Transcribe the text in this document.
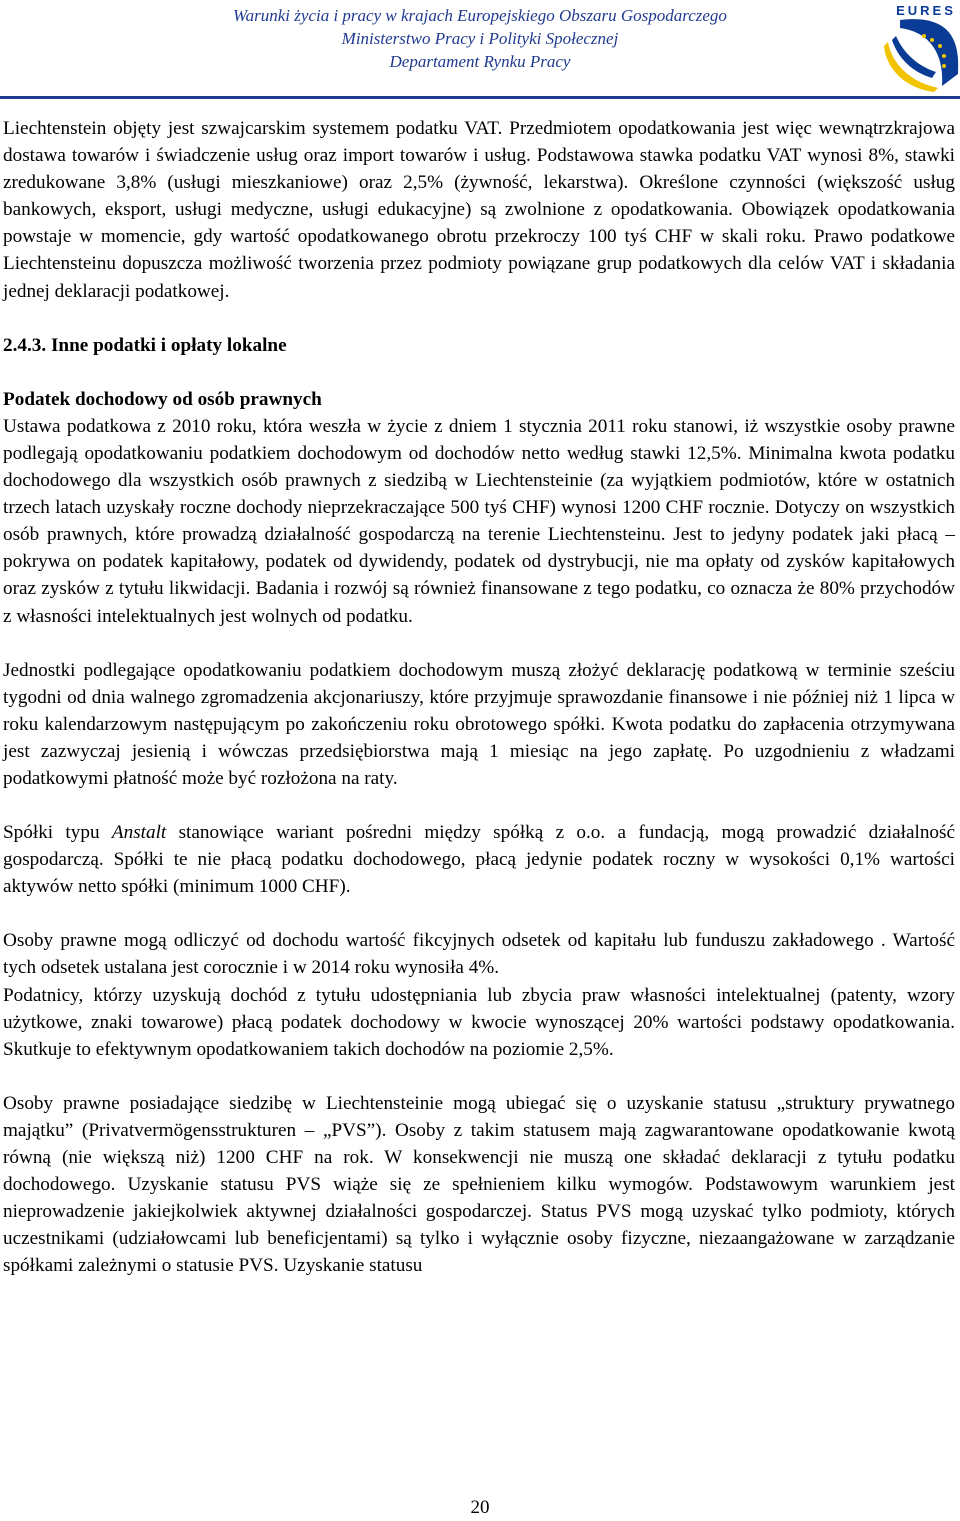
Warunki życia i pracy w krajach Europejskiego Obszaru Gospodarczego
Ministerstwo Pracy i Polityki Społecznej
Departament Rynku Pracy
EURES

Liechtenstein objęty jest szwajcarskim systemem podatku VAT. Przedmiotem opodatkowania jest więc wewnątrzkrajowa dostawa towarów i świadczenie usług oraz import towarów i usług. Podstawowa stawka podatku VAT wynosi 8%, stawki zredukowane 3,8% (usługi mieszkaniowe) oraz 2,5% (żywność, lekarstwa). Określone czynności (większość usług bankowych, eksport, usługi medyczne, usługi edukacyjne) są zwolnione z opodatkowania. Obowiązek opodatkowania powstaje w momencie, gdy wartość opodatkowanego obrotu przekroczy 100 tyś CHF w skali roku. Prawo podatkowe Liechtensteinu dopuszcza możliwość tworzenia przez podmioty powiązane grup podatkowych dla celów VAT i składania jednej deklaracji podatkowej.

2.4.3. Inne podatki i opłaty lokalne

Podatek dochodowy od osób prawnych

Ustawa podatkowa z 2010 roku, która weszła w życie z dniem 1 stycznia 2011 roku stanowi, iż wszystkie osoby prawne podlegają opodatkowaniu podatkiem dochodowym od dochodów netto według stawki 12,5%. Minimalna kwota podatku dochodowego dla wszystkich osób prawnych z siedzibą w Liechtensteinie (za wyjątkiem podmiotów, które w ostatnich trzech latach uzyskały roczne dochody nieprzekraczające 500 tyś CHF) wynosi 1200 CHF rocznie. Dotyczy on wszystkich osób prawnych, które prowadzą działalność gospodarczą na terenie Liechtensteinu. Jest to jedyny podatek jaki płacą – pokrywa on podatek kapitałowy, podatek od dywidendy, podatek od dystrybucji, nie ma opłaty od zysków kapitałowych oraz zysków z tytułu likwidacji. Badania i rozwój są również finansowane z tego podatku, co oznacza że 80% przychodów z własności intelektualnych jest wolnych od podatku.

Jednostki podlegające opodatkowaniu podatkiem dochodowym muszą złożyć deklarację podatkową w terminie sześciu tygodni od dnia walnego zgromadzenia akcjonariuszy, które przyjmuje sprawozdanie finansowe i nie później niż 1 lipca w roku kalendarzowym następującym po zakończeniu roku obrotowego spółki. Kwota podatku do zapłacenia otrzymywana jest zazwyczaj jesienią i wówczas przedsiębiorstwa mają 1 miesiąc na jego zapłatę. Po uzgodnieniu z władzami podatkowymi płatność może być rozłożona na raty.

Spółki typu Anstalt stanowiące wariant pośredni między spółką z o.o. a fundacją, mogą prowadzić działalność gospodarczą. Spółki te nie płacą podatku dochodowego, płacą jedynie podatek roczny w wysokości 0,1% wartości aktywów netto spółki (minimum 1000 CHF).

Osoby prawne mogą odliczyć od dochodu wartość fikcyjnych odsetek od kapitału lub funduszu zakładowego . Wartość tych odsetek ustalana jest corocznie i w 2014 roku wynosiła 4%.

Podatnicy, którzy uzyskują dochód z tytułu udostępniania lub zbycia praw własności intelektualnej (patenty, wzory użytkowe, znaki towarowe) płacą podatek dochodowy w kwocie wynoszącej 20% wartości podstawy opodatkowania. Skutkuje to efektywnym opodatkowaniem takich dochodów na poziomie 2,5%.

Osoby prawne posiadające siedzibę w Liechtensteinie mogą ubiegać się o uzyskanie statusu „struktury prywatnego majątku” (Privatvermögensstrukturen – „PVS”). Osoby z takim statusem mają zagwarantowane opodatkowanie kwotą równą (nie większą niż) 1200 CHF na rok. W konsekwencji nie muszą one składać deklaracji z tytułu podatku dochodowego. Uzyskanie statusu PVS wiąże się ze spełnieniem kilku wymogów. Podstawowym warunkiem jest nieprowadzenie jakiejkolwiek aktywnej działalności gospodarczej. Status PVS mogą uzyskać tylko podmioty, których uczestnikami (udziałowcami lub beneficjentami) są tylko i wyłącznie osoby fizyczne, niezaangażowane w zarządzanie spółkami zależnymi o statusie PVS. Uzyskanie statusu

20
